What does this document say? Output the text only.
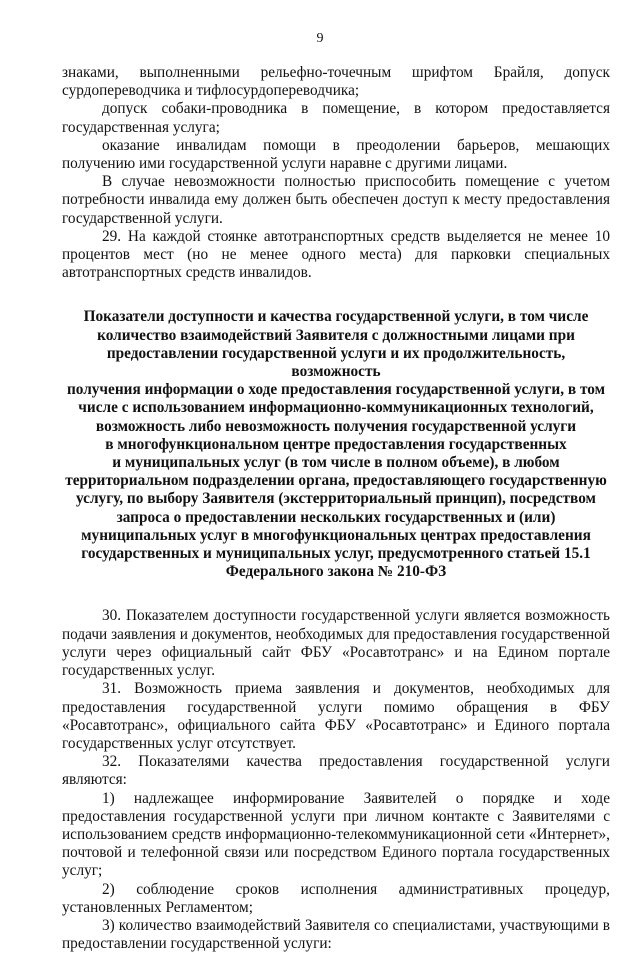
9

знаками, выполненными рельефно-точечным шрифтом Брайля, допуск сурдопереводчика и тифлосурдопереводчика;

допуск собаки-проводника в помещение, в котором предоставляется государственная услуга;

оказание инвалидам помощи в преодолении барьеров, мешающих получению ими государственной услуги наравне с другими лицами.

В случае невозможности полностью приспособить помещение с учетом потребности инвалида ему должен быть обеспечен доступ к месту предоставления государственной услуги.

29. На каждой стоянке автотранспортных средств выделяется не менее 10 процентов мест (но не менее одного места) для парковки специальных автотранспортных средств инвалидов.

Показатели доступности и качества государственной услуги, в том числе
количество взаимодействий Заявителя с должностными лицами при
предоставлении государственной услуги и их продолжительность, возможность
получения информации о ходе предоставления государственной услуги, в том
числе с использованием информационно-коммуникационных технологий,
возможность либо невозможность получения государственной услуги
в многофункциональном центре предоставления государственных
и муниципальных услуг (в том числе в полном объеме), в любом
территориальном подразделении органа, предоставляющего государственную
услугу, по выбору Заявителя (экстерриториальный принцип), посредством
запроса о предоставлении нескольких государственных и (или)
муниципальных услуг в многофункциональных центрах предоставления
государственных и муниципальных услуг, предусмотренного статьей 15.1
Федерального закона № 210-ФЗ

30. Показателем доступности государственной услуги является возможность подачи заявления и документов, необходимых для предоставления государственной услуги через официальный сайт ФБУ «Росавтотранс» и на Едином портале государственных услуг.

31. Возможность приема заявления и документов, необходимых для предоставления государственной услуги помимо обращения в ФБУ «Росавтотранс», официального сайта ФБУ «Росавтотранс» и Единого портала государственных услуг отсутствует.

32. Показателями качества предоставления государственной услуги являются:

1) надлежащее информирование Заявителей о порядке и ходе предоставления государственной услуги при личном контакте с Заявителями с использованием средств информационно-телекоммуникационной сети «Интернет», почтовой и телефонной связи или посредством Единого портала государственных услуг;

2) соблюдение сроков исполнения административных процедур, установленных Регламентом;

3) количество взаимодействий Заявителя со специалистами, участвующими в предоставлении государственной услуги:
